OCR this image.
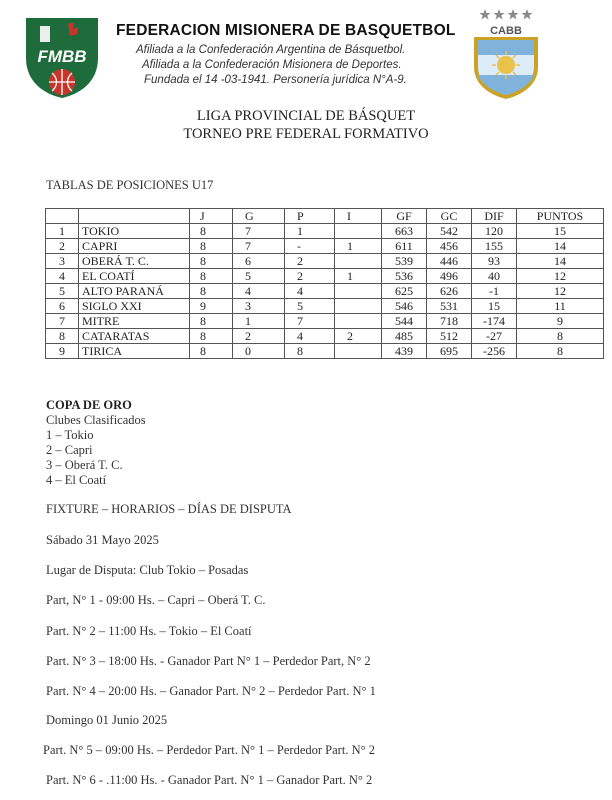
FMBB
FEDERACION MISIONERA DE BASQUETBOL
Afiliada a la Confederación Argentina de Básquetbol.
Afiliada a la Confederación Misionera de Deportes.
Fundada el 14 -03-1941. Personería jurídica N°A-9.
CABB
LIGA PROVINCIAL DE BÁSQUET
TORNEO PRE FEDERAL FORMATIVO
TABLAS DE POSICIONES U17
		J	G	P	I	GF	GC	DIF	PUNTOS
1	TOKIO	8	7	1		663	542	120	15
2	CAPRI	8	7	-	1	611	456	155	14
3	OBERÁ T. C.	8	6	2		539	446	93	14
4	EL COATÍ	8	5	2	1	536	496	40	12
5	ALTO PARANÁ	8	4	4		625	626	-1	12
6	SIGLO XXI	9	3	5		546	531	15	11
7	MITRE	8	1	7		544	718	-174	9
8	CATARATAS	8	2	4	2	485	512	-27	8
9	TIRICA	8	0	8		439	695	-256	8
COPA DE ORO
Clubes Clasificados
1 – Tokio
2 – Capri
3 – Oberá T. C.
4 – El Coatí
FIXTURE – HORARIOS – DÍAS DE DISPUTA
Sábado 31 Mayo 2025
Lugar de Disputa: Club Tokio – Posadas
Part, N° 1 - 09:00 Hs. – Capri – Oberá T. C.
Part. N° 2 – 11:00 Hs. – Tokio – El Coatí
Part. N° 3 – 18:00 Hs. - Ganador Part N° 1 – Perdedor Part, N° 2
Part. N° 4 – 20:00 Hs. – Ganador Part. N° 2 – Perdedor Part. N° 1
Domingo 01 Junio 2025
Part. N° 5 – 09:00 Hs. – Perdedor Part. N° 1 – Perdedor Part. N° 2
Part. N° 6 - .11:00 Hs. - Ganador Part. N° 1 – Ganador Part. N° 2
